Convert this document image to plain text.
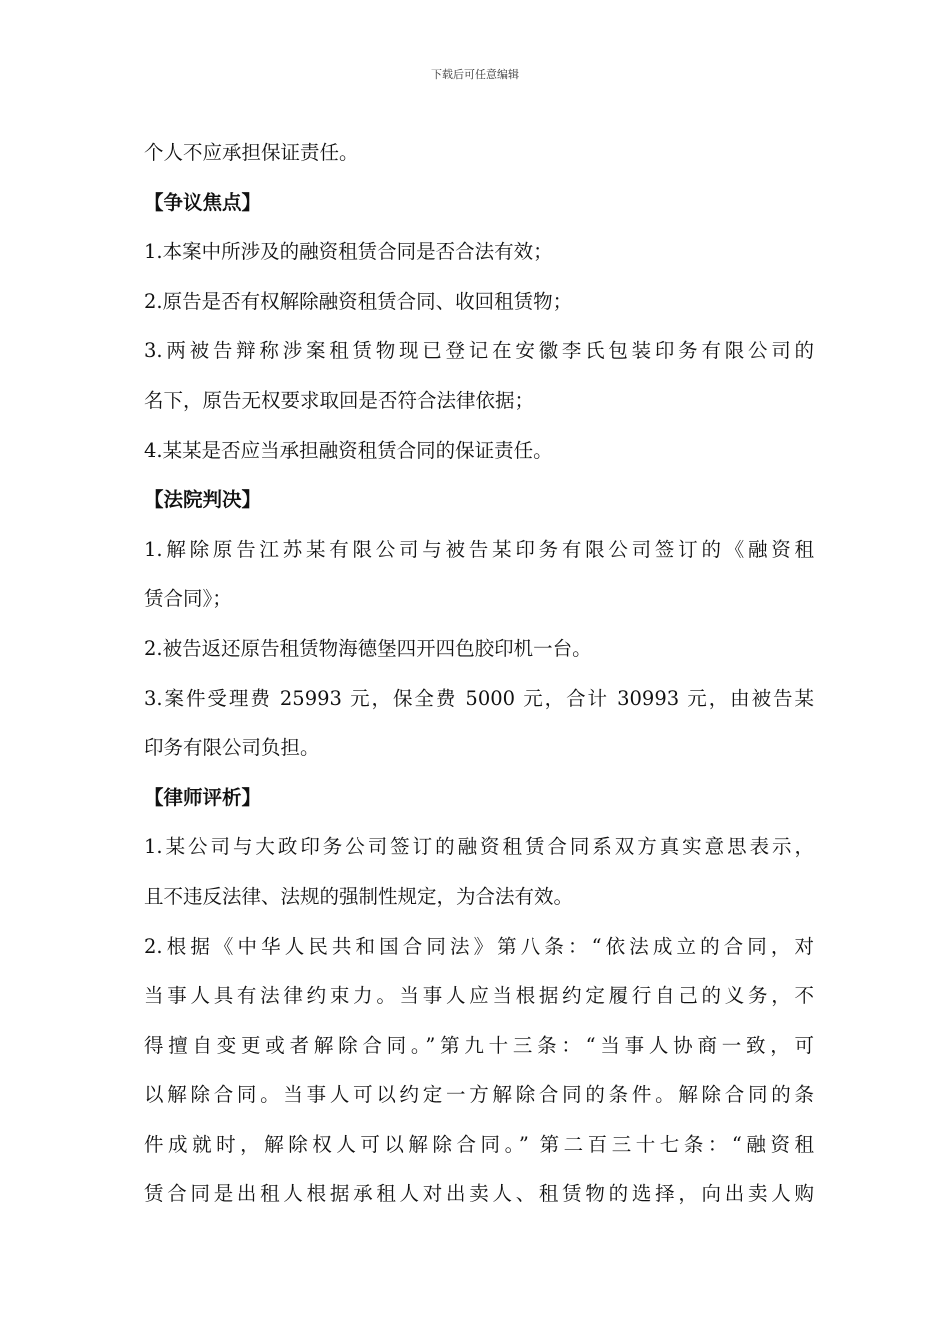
下载后可任意编辑
个人不应承担保证责任。
【争议焦点】
1.本案中所涉及的融资租赁合同是否合法有效；
2.原告是否有权解除融资租赁合同、收回租赁物；
3.两被告辩称涉案租赁物现已登记在安徽李氏包装印务有限公司的
名下，原告无权要求取回是否符合法律依据；
4.某某是否应当承担融资租赁合同的保证责任。
【法院判决】
1.解除原告江苏某有限公司与被告某印务有限公司签订的《融资租
赁合同》；
2.被告返还原告租赁物海德堡四开四色胶印机一台。
3.案件受理费 25993 元，保全费 5000 元，合计 30993 元，由被告某
印务有限公司负担。
【律师评析】
1.某公司与大政印务公司签订的融资租赁合同系双方真实意思表示，
且不违反法律、法规的强制性规定，为合法有效。
2.根据《中华人民共和国合同法》第八条：“依法成立的合同，对
当事人具有法律约束力。当事人应当根据约定履行自己的义务，不
得擅自变更或者解除合同。”第九十三条：“当事人协商一致，可
以解除合同。当事人可以约定一方解除合同的条件。解除合同的条
件成就时，解除权人可以解除合同。” 第二百三十七条：“融资租
赁合同是出租人根据承租人对出卖人、租赁物的选择，向出卖人购
